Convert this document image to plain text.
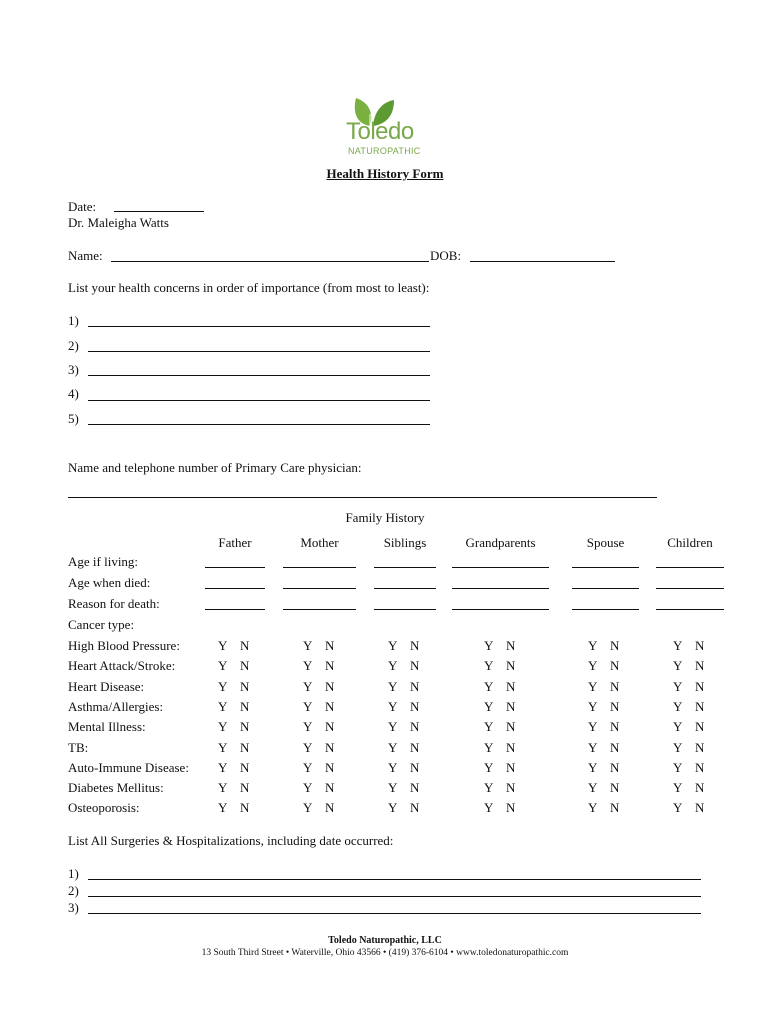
Toledo
NATUROPATHIC
Health History Form
Date:
Dr. Maleigha Watts
Name:	DOB:
List your health concerns in order of importance (from most to least):
1)
2)
3)
4)
5)
Name and telephone number of Primary Care physician:
Family History
Father	Mother	Siblings	Grandparents	Spouse	Children
Age if living:
Age when died:
Reason for death:
Cancer type:
High Blood Pressure:	Y N	Y N	Y N	Y N	Y N	Y N
Heart Attack/Stroke:	Y N	Y N	Y N	Y N	Y N	Y N
Heart Disease:	Y N	Y N	Y N	Y N	Y N	Y N
Asthma/Allergies:	Y N	Y N	Y N	Y N	Y N	Y N
Mental Illness:	Y N	Y N	Y N	Y N	Y N	Y N
TB:	Y N	Y N	Y N	Y N	Y N	Y N
Auto-Immune Disease: Y N	Y N	Y N	Y N	Y N	Y N
Diabetes Mellitus:	Y N	Y N	Y N	Y N	Y N	Y N
Osteoporosis:	Y N	Y N	Y N	Y N	Y N	Y N
List All Surgeries & Hospitalizations, including date occurred:
1)
2)
3)
Toledo Naturopathic, LLC
13 South Third Street • Waterville, Ohio 43566 • (419) 376-6104 • www.toledonaturopathic.com
